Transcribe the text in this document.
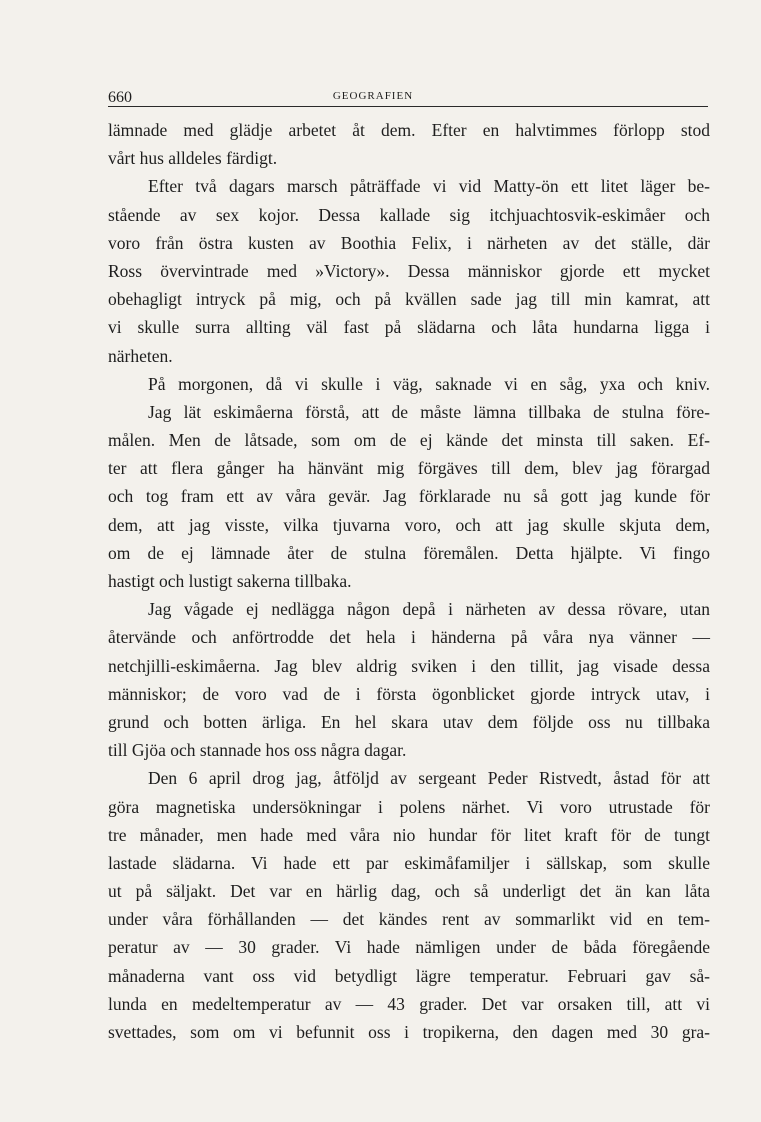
660	GEOGRAFIEN
lämnade med glädje arbetet åt dem. Efter en halvtimmes förlopp stod
vårt hus alldeles färdigt.
Efter två dagars marsch påträffade vi vid Matty-ön ett litet läger be-
stående av sex kojor. Dessa kallade sig itchjuachtosvik-eskimåer och
voro från östra kusten av Boothia Felix, i närheten av det ställe, där
Ross övervintrade med »Victory». Dessa människor gjorde ett mycket
obehagligt intryck på mig, och på kvällen sade jag till min kamrat, att
vi skulle surra allting väl fast på slädarna och låta hundarna ligga i
närheten.
På morgonen, då vi skulle i väg, saknade vi en såg, yxa och kniv.
Jag lät eskimåerna förstå, att de måste lämna tillbaka de stulna före-
målen. Men de låtsade, som om de ej kände det minsta till saken. Ef-
ter att flera gånger ha hänvänt mig förgäves till dem, blev jag förargad
och tog fram ett av våra gevär. Jag förklarade nu så gott jag kunde för
dem, att jag visste, vilka tjuvarna voro, och att jag skulle skjuta dem,
om de ej lämnade åter de stulna föremålen. Detta hjälpte. Vi fingo
hastigt och lustigt sakerna tillbaka.
Jag vågade ej nedlägga någon depå i närheten av dessa rövare, utan
återvände och anförtrodde det hela i händerna på våra nya vänner —
netchjilli-eskimåerna. Jag blev aldrig sviken i den tillit, jag visade dessa
människor; de voro vad de i första ögonblicket gjorde intryck utav, i
grund och botten ärliga. En hel skara utav dem följde oss nu tillbaka
till Gjöa och stannade hos oss några dagar.
Den 6 april drog jag, åtföljd av sergeant Peder Ristvedt, åstad för att
göra magnetiska undersökningar i polens närhet. Vi voro utrustade för
tre månader, men hade med våra nio hundar för litet kraft för de tungt
lastade slädarna. Vi hade ett par eskimåfamiljer i sällskap, som skulle
ut på säljakt. Det var en härlig dag, och så underligt det än kan låta
under våra förhållanden — det kändes rent av sommarlikt vid en tem-
peratur av — 30 grader. Vi hade nämligen under de båda föregående
månaderna vant oss vid betydligt lägre temperatur. Februari gav så-
lunda en medeltemperatur av — 43 grader. Det var orsaken till, att vi
svettades, som om vi befunnit oss i tropikerna, den dagen med 30 gra-
